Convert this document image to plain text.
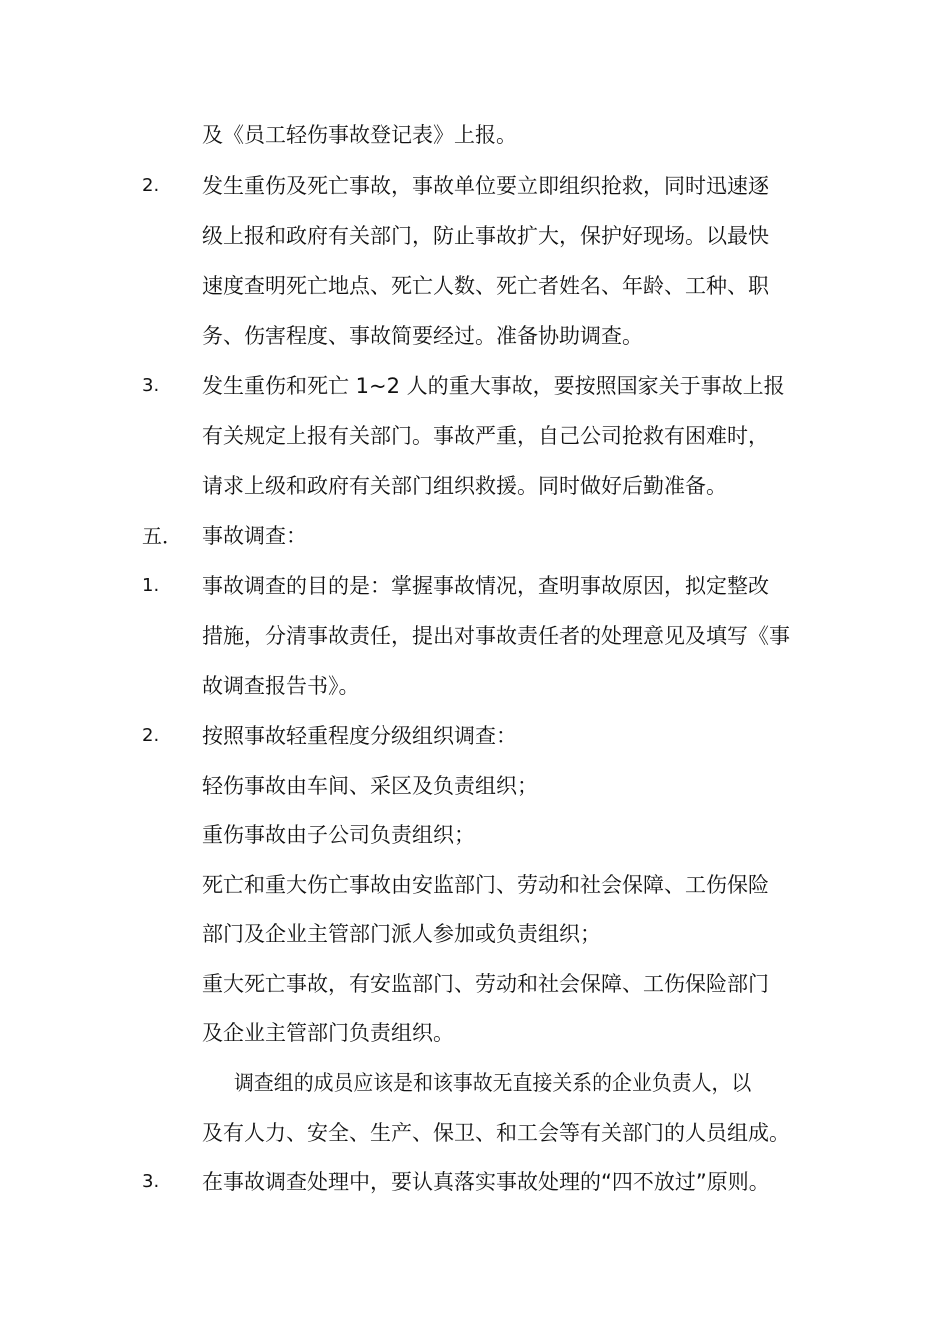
及《员工轻伤事故登记表》上报。
2.	发生重伤及死亡事故，事故单位要立即组织抢救，同时迅速逐
级上报和政府有关部门，防止事故扩大，保护好现场。以最快
速度查明死亡地点、死亡人数、死亡者姓名、年龄、工种、职
务、伤害程度、事故简要经过。准备协助调查。
3.	发生重伤和死亡 1~2 人的重大事故，要按照国家关于事故上报
有关规定上报有关部门。事故严重，自己公司抢救有困难时，
请求上级和政府有关部门组织救援。同时做好后勤准备。
五． 事故调查：
1.	事故调查的目的是：掌握事故情况，查明事故原因，拟定整改
措施，分清事故责任，提出对事故责任者的处理意见及填写《事
故调查报告书》。
2.	按照事故轻重程度分级组织调查：
轻伤事故由车间、采区及负责组织；
重伤事故由子公司负责组织；
死亡和重大伤亡事故由安监部门、劳动和社会保障、工伤保险
部门及企业主管部门派人参加或负责组织；
重大死亡事故，有安监部门、劳动和社会保障、工伤保险部门
及企业主管部门负责组织。
调查组的成员应该是和该事故无直接关系的企业负责人，以
及有人力、安全、生产、保卫、和工会等有关部门的人员组成。
3.	在事故调查处理中，要认真落实事故处理的“四不放过”原则。
